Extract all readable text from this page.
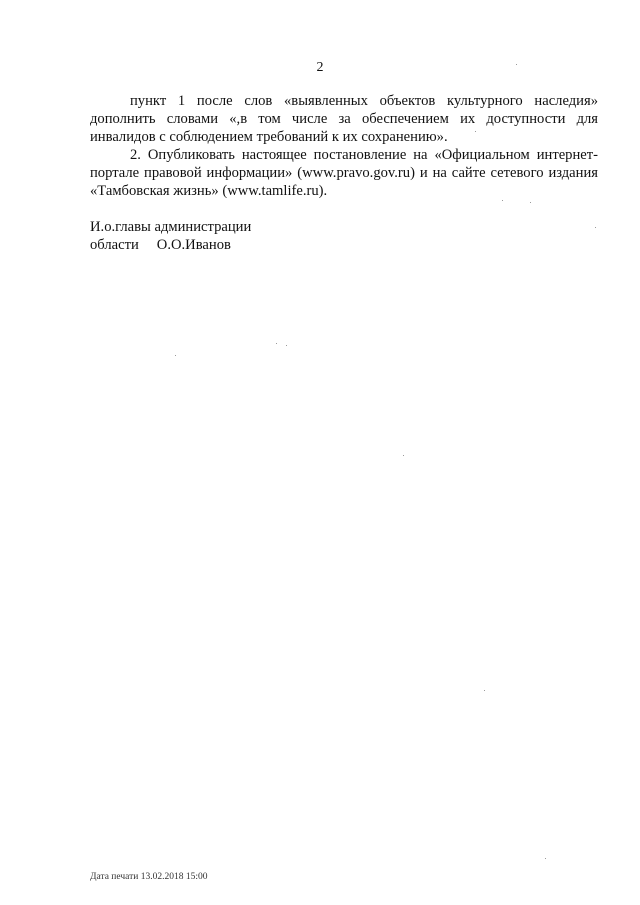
2

пункт 1 после слов «выявленных объектов культурного наследия» дополнить словами «,в том числе за обеспечением их доступности для инвалидов с соблюдением требований к их сохранению».

2. Опубликовать настоящее постановление на «Официальном интернет-портале правовой информации» (www.pravo.gov.ru) и на сайте сетевого издания «Тамбовская жизнь» (www.tamlife.ru).

И.о.главы администрации
области О.О.Иванов
Дата печати 13.02.2018 15:00
